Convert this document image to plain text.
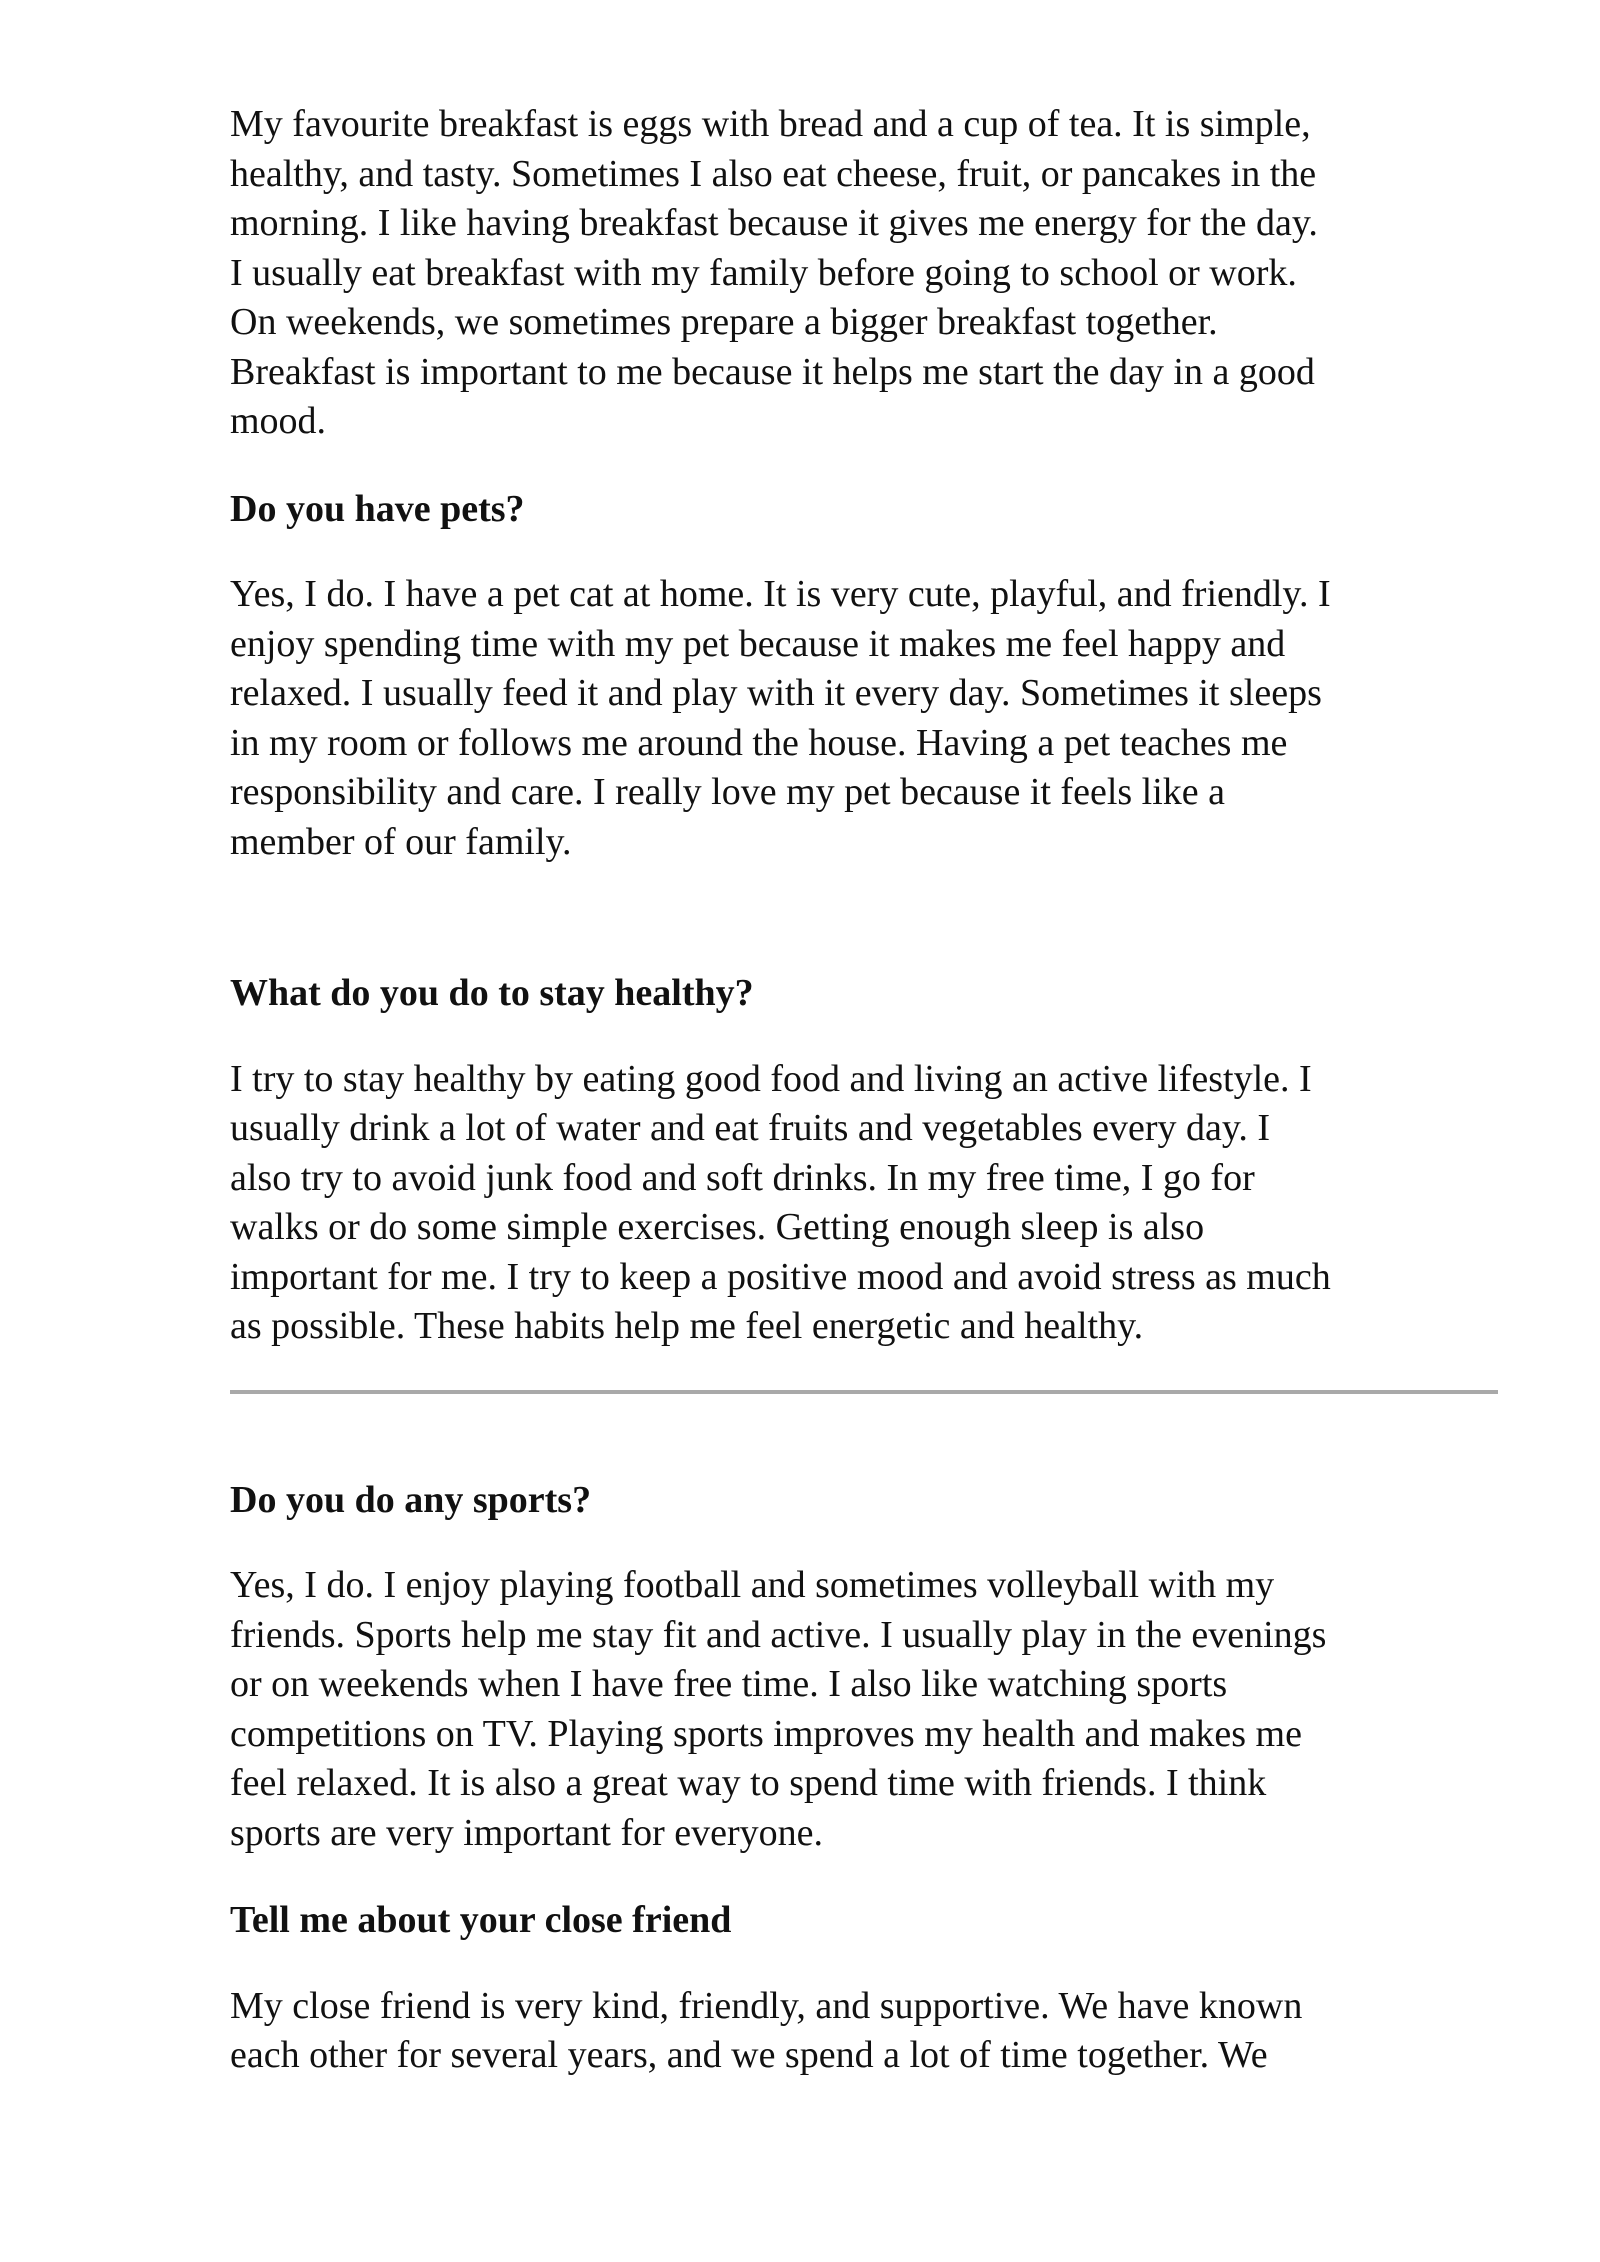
My favourite breakfast is eggs with bread and a cup of tea. It is simple,
healthy, and tasty. Sometimes I also eat cheese, fruit, or pancakes in the
morning. I like having breakfast because it gives me energy for the day.
I usually eat breakfast with my family before going to school or work.
On weekends, we sometimes prepare a bigger breakfast together.
Breakfast is important to me because it helps me start the day in a good
mood.

Do you have pets?

Yes, I do. I have a pet cat at home. It is very cute, playful, and friendly. I
enjoy spending time with my pet because it makes me feel happy and
relaxed. I usually feed it and play with it every day. Sometimes it sleeps
in my room or follows me around the house. Having a pet teaches me
responsibility and care. I really love my pet because it feels like a
member of our family.

What do you do to stay healthy?

I try to stay healthy by eating good food and living an active lifestyle. I
usually drink a lot of water and eat fruits and vegetables every day. I
also try to avoid junk food and soft drinks. In my free time, I go for
walks or do some simple exercises. Getting enough sleep is also
important for me. I try to keep a positive mood and avoid stress as much
as possible. These habits help me feel energetic and healthy.

Do you do any sports?

Yes, I do. I enjoy playing football and sometimes volleyball with my
friends. Sports help me stay fit and active. I usually play in the evenings
or on weekends when I have free time. I also like watching sports
competitions on TV. Playing sports improves my health and makes me
feel relaxed. It is also a great way to spend time with friends. I think
sports are very important for everyone.

Tell me about your close friend

My close friend is very kind, friendly, and supportive. We have known
each other for several years, and we spend a lot of time together. We
